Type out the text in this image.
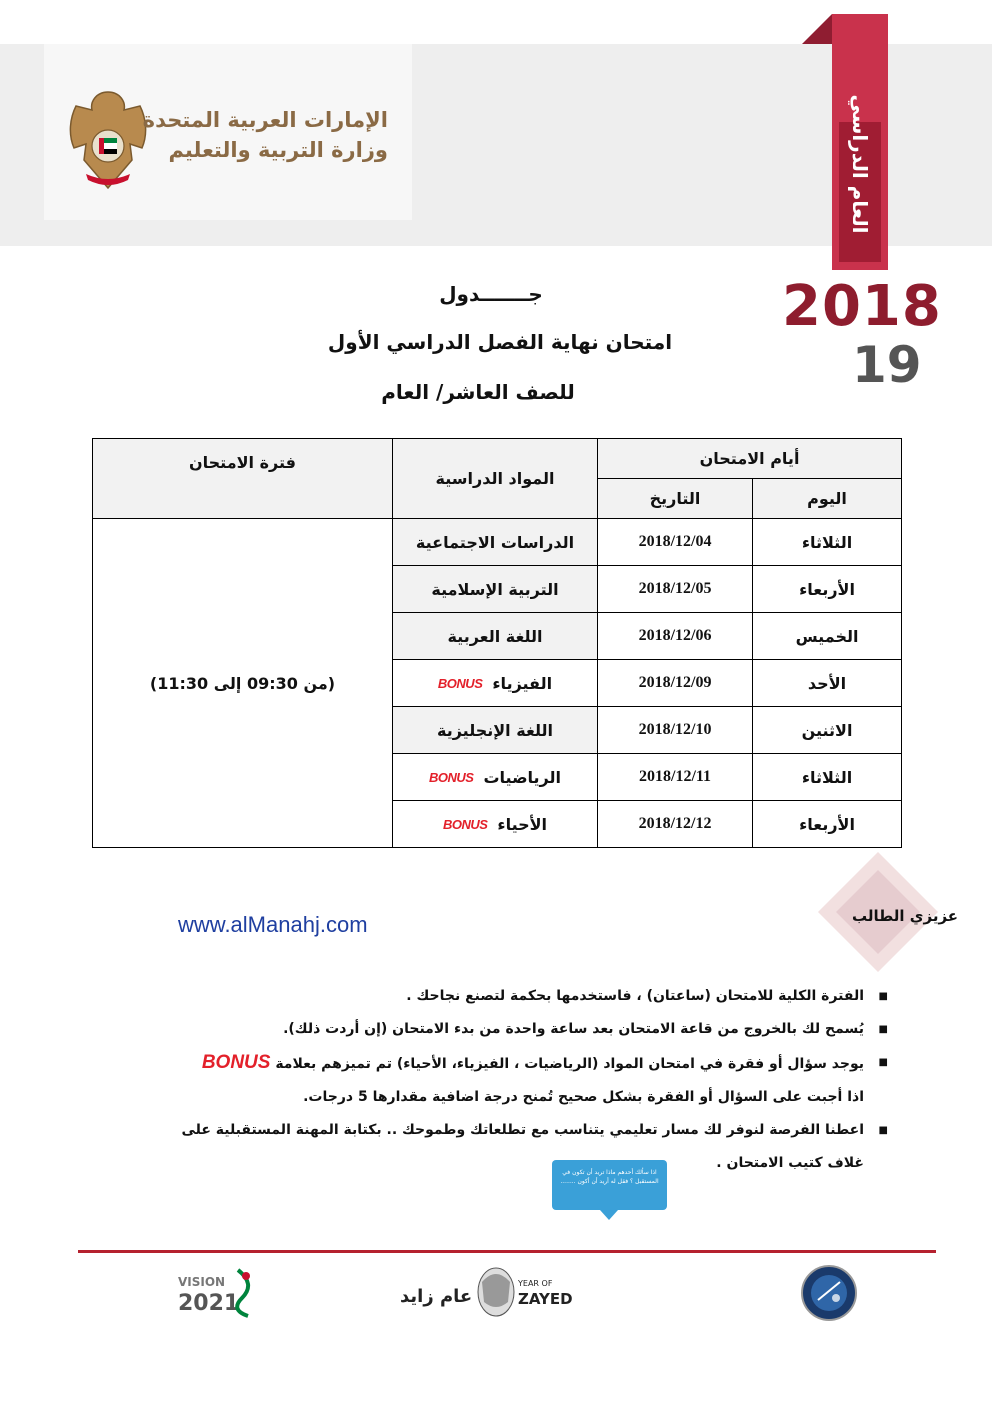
الإمارات العربية المتحدة
وزارة التربية والتعليم	العام الدراسي
2018
19
جـــــــدول
امتحان نهاية الفصل الدراسي الأول
للصف العاشر/ العام
أيام الامتحان		المواد الدراسية	فترة الامتحان
اليوم	التاريخ		
الثلاثاء	2018/12/04	الدراسات الاجتماعية	(من 09:30 إلى 11:30)
الأربعاء	2018/12/05	التربية الإسلامية	
الخميس	2018/12/06	اللغة العربية	
الأحد	2018/12/09	الفيزياءBONUS	
الاثنين	2018/12/10	اللغة الإنجليزية	
الثلاثاء	2018/12/11	الرياضياتBONUS	
الأربعاء	2018/12/12	الأحياءBONUS	
عزيزي الطالب
www.alManahj.com
■
الفترة الكلية للامتحان (ساعتان) ، فاستخدمها بحكمة لتصنع نجاحك .
■
يُسمح لك بالخروج من قاعة الامتحان بعد ساعة واحدة من بدء الامتحان (إن أردت ذلك).
■
يوجد سؤال أو فقرة في امتحان المواد (الرياضيات ، الفيزياء، الأحياء) تم تميزهم بعلامة BONUS
اذا أجبت على السؤال أو الفقرة بشكل صحيح تُمنح درجة اضافية مقدارها 5 درجات.
■
اعطنا الفرصة لنوفر لك مسار تعليمي يتناسب مع تطلعاتك وطموحك .. بكتابة المهنة المستقبلية على
غلاف كتيب الامتحان .
اذا سألك أحدهم ماذا تريد أن تكون في المستقبل ؟ فقل له أريد أن أكون ........
VISION
2021	عام زايد
YEAR OF
ZAYED
